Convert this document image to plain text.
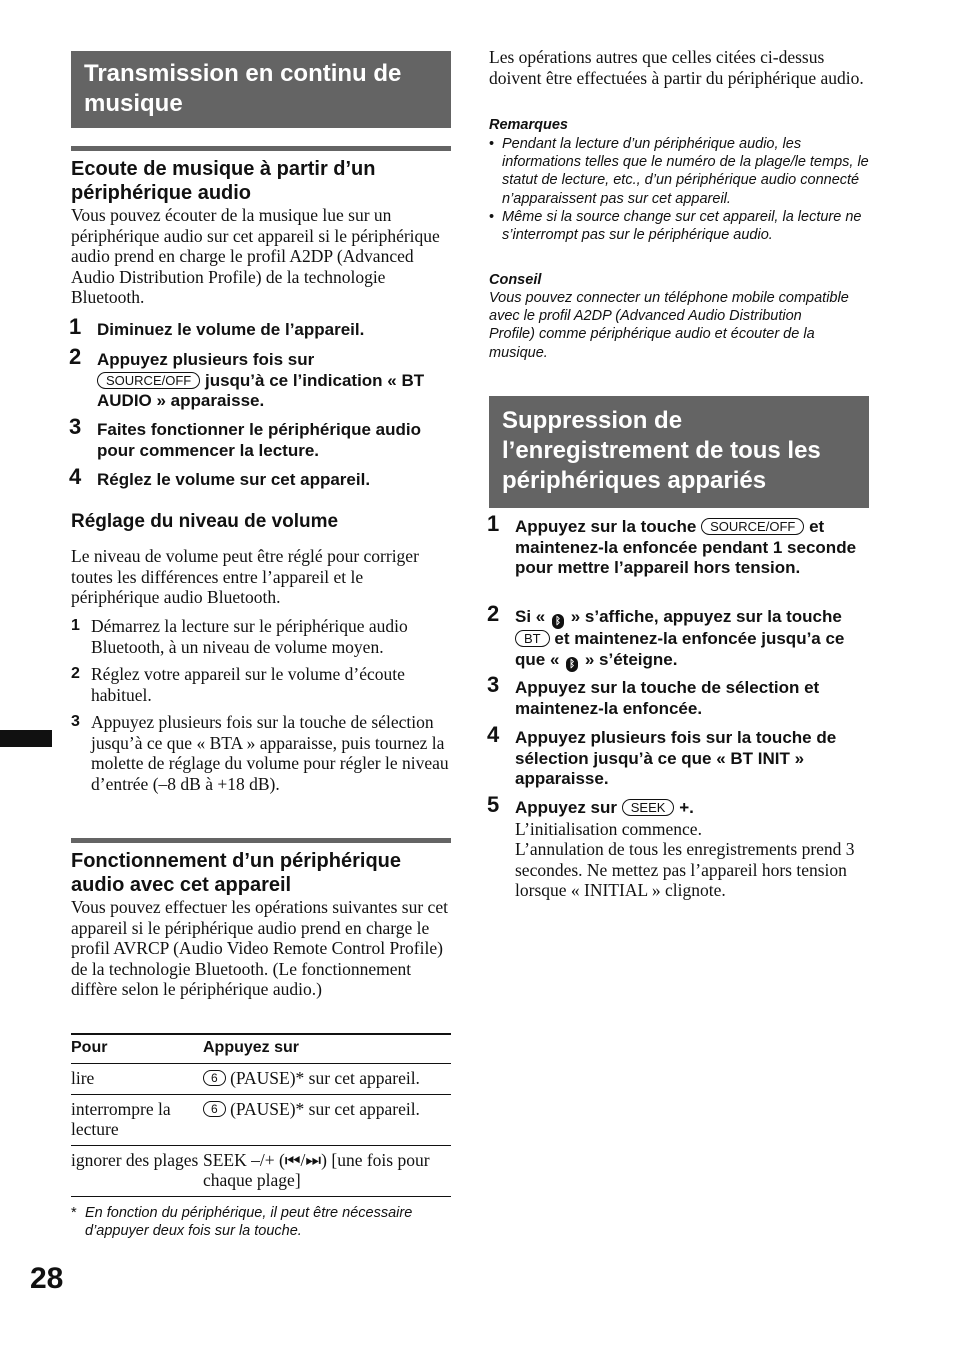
28
Transmission en continu de
musique
Ecoute de musique à partir d’un
périphérique audio
Vous pouvez écouter de la musique lue sur un périphérique audio sur cet appareil si le périphérique audio prend en charge le profil A2DP (Advanced Audio Distribution Profile) de la technologie Bluetooth.
1 Diminuez le volume de l’appareil.
2 Appuyez plusieurs fois sur
SOURCE/OFF jusqu’à ce l’indication « BT AUDIO » apparaisse.
3 Faites fonctionner le périphérique audio pour commencer la lecture.
4 Réglez le volume sur cet appareil.
Réglage du niveau de volume
Le niveau de volume peut être réglé pour corriger toutes les différences entre l’appareil et le périphérique audio Bluetooth.
1 Démarrez la lecture sur le périphérique audio Bluetooth, à un niveau de volume moyen.
2 Réglez votre appareil sur le volume d’écoute habituel.
3 Appuyez plusieurs fois sur la touche de sélection jusqu’à ce que « BTA » apparaisse, puis tournez la molette de réglage du volume pour régler le niveau d’entrée (–8 dB à +18 dB).
Fonctionnement d’un périphérique
audio avec cet appareil
Vous pouvez effectuer les opérations suivantes sur cet appareil si le périphérique audio prend en charge le profil AVRCP (Audio Video Remote Control Profile) de la technologie Bluetooth. (Le fonctionnement diffère selon le périphérique audio.)
Pour	Appuyez sur
lire	6 (PAUSE)* sur cet appareil.
interrompre la lecture	6 (PAUSE)* sur cet appareil.
ignorer des plages	SEEK –/+ (⏮/⏭) [une fois pour chaque plage]
* En fonction du périphérique, il peut être nécessaire d’appuyer deux fois sur la touche.
Les opérations autres que celles citées ci-dessus doivent être effectuées à partir du périphérique audio.
Remarques
• Pendant la lecture d’un périphérique audio, les informations telles que le numéro de la plage/le temps, le statut de lecture, etc., d’un périphérique audio connecté n’apparaissent pas sur cet appareil.
• Même si la source change sur cet appareil, la lecture ne s’interrompt pas sur le périphérique audio.
Conseil
Vous pouvez connecter un téléphone mobile compatible avec le profil A2DP (Advanced Audio Distribution Profile) comme périphérique audio et écouter de la musique.
Suppression de
l’enregistrement de tous les
périphériques appariés
1 Appuyez sur la touche SOURCE/OFF et maintenez-la enfoncée pendant 1 seconde pour mettre l’appareil hors tension.
2 Si « ᛒ » s’affiche, appuyez sur la touche BT et maintenez-la enfoncée jusqu’a ce que « ᛒ » s’éteigne.
3 Appuyez sur la touche de sélection et maintenez-la enfoncée.
4 Appuyez plusieurs fois sur la touche de sélection jusqu’à ce que « BT INIT » apparaisse.
5 Appuyez sur SEEK +.
L’initialisation commence.
L’annulation de tous les enregistrements prend 3 secondes. Ne mettez pas l’appareil hors tension lorsque « INITIAL » clignote.
